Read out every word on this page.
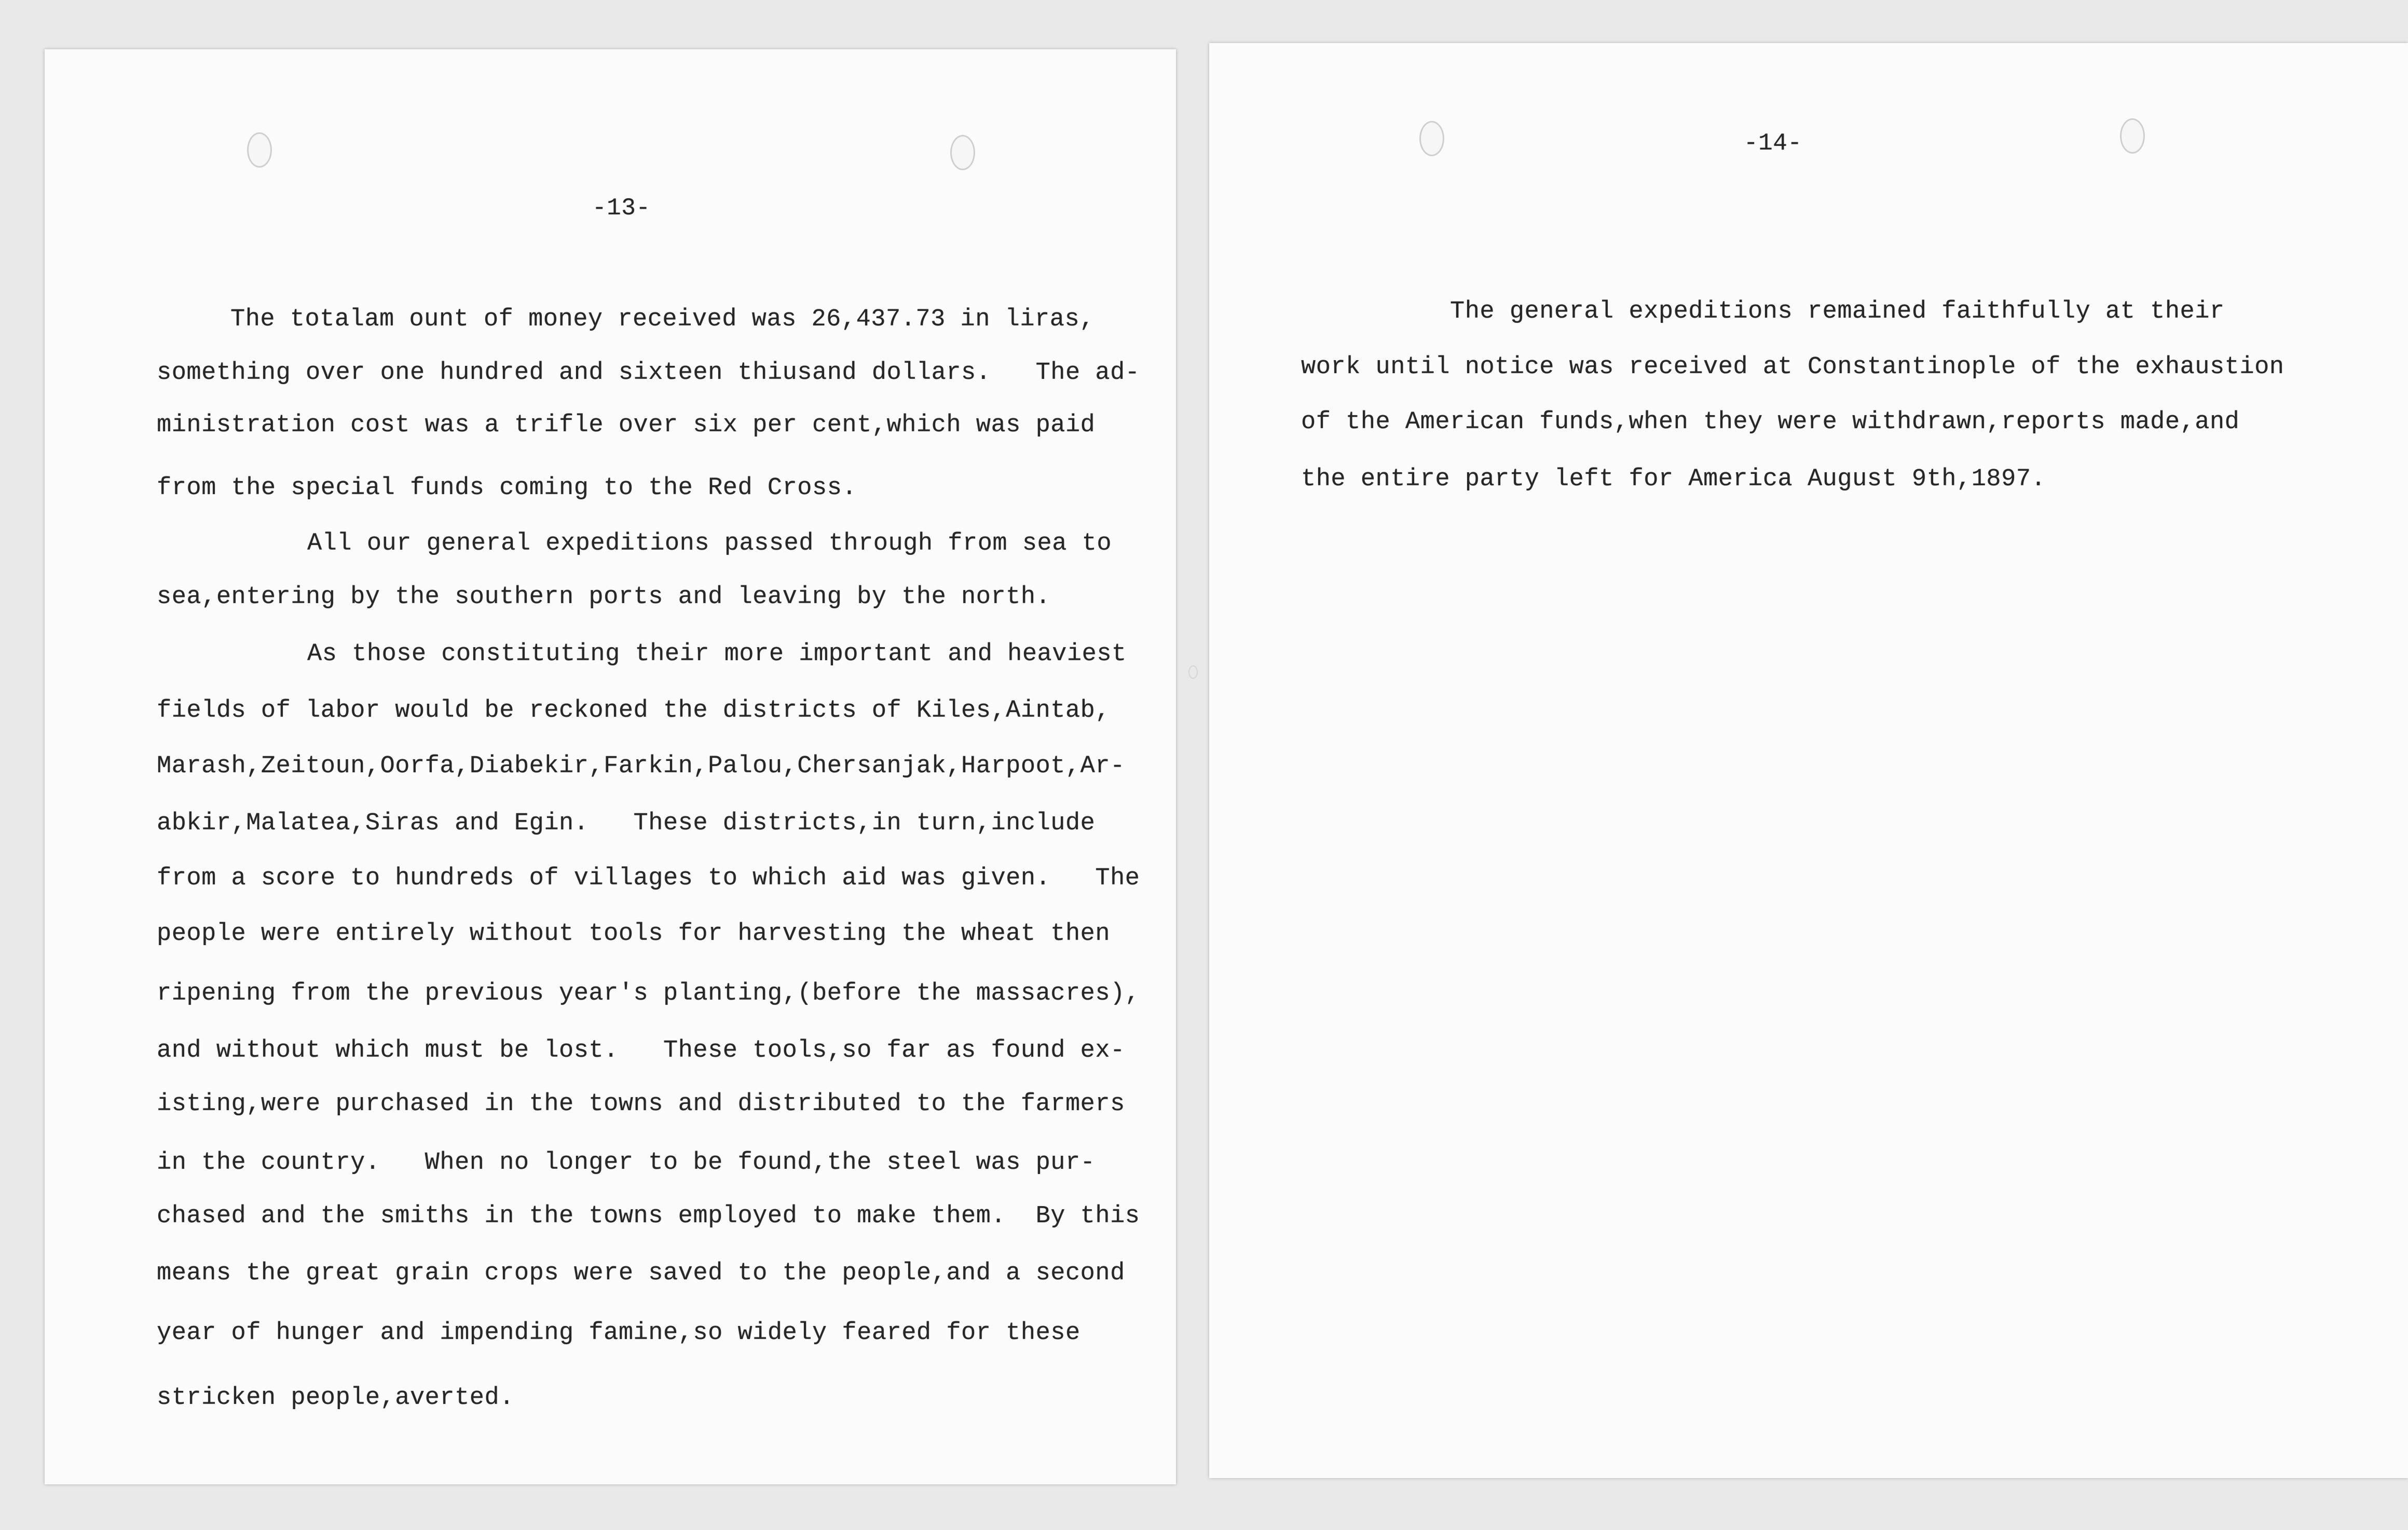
-13-
The totalam ount of money received was 26,437.73 in liras,
something over one hundred and sixteen thiusand dollars.   The ad-
ministration cost was a trifle over six per cent,which was paid
from the special funds coming to the Red Cross.
All our general expeditions passed through from sea to
sea,entering by the southern ports and leaving by the north.
As those constituting their more important and heaviest
fields of labor would be reckoned the districts of Kiles,Aintab,
Marash,Zeitoun,Oorfa,Diabekir,Farkin,Palou,Chersanjak,Harpoot,Ar-
abkir,Malatea,Siras and Egin.   These districts,in turn,include
from a score to hundreds of villages to which aid was given.   The
people were entirely without tools for harvesting the wheat then
ripening from the previous year's planting,(before the massacres),
and without which must be lost.   These tools,so far as found ex-
isting,were purchased in the towns and distributed to the farmers
in the country.   When no longer to be found,the steel was pur-
chased and the smiths in the towns employed to make them.  By this
means the great grain crops were saved to the people,and a second
year of hunger and impending famine,so widely feared for these
stricken people,averted.
-14-
The general expeditions remained faithfully at their
work until notice was received at Constantinople of the exhaustion
of the American funds,when they were withdrawn,reports made,and
the entire party left for America August 9th,1897.
